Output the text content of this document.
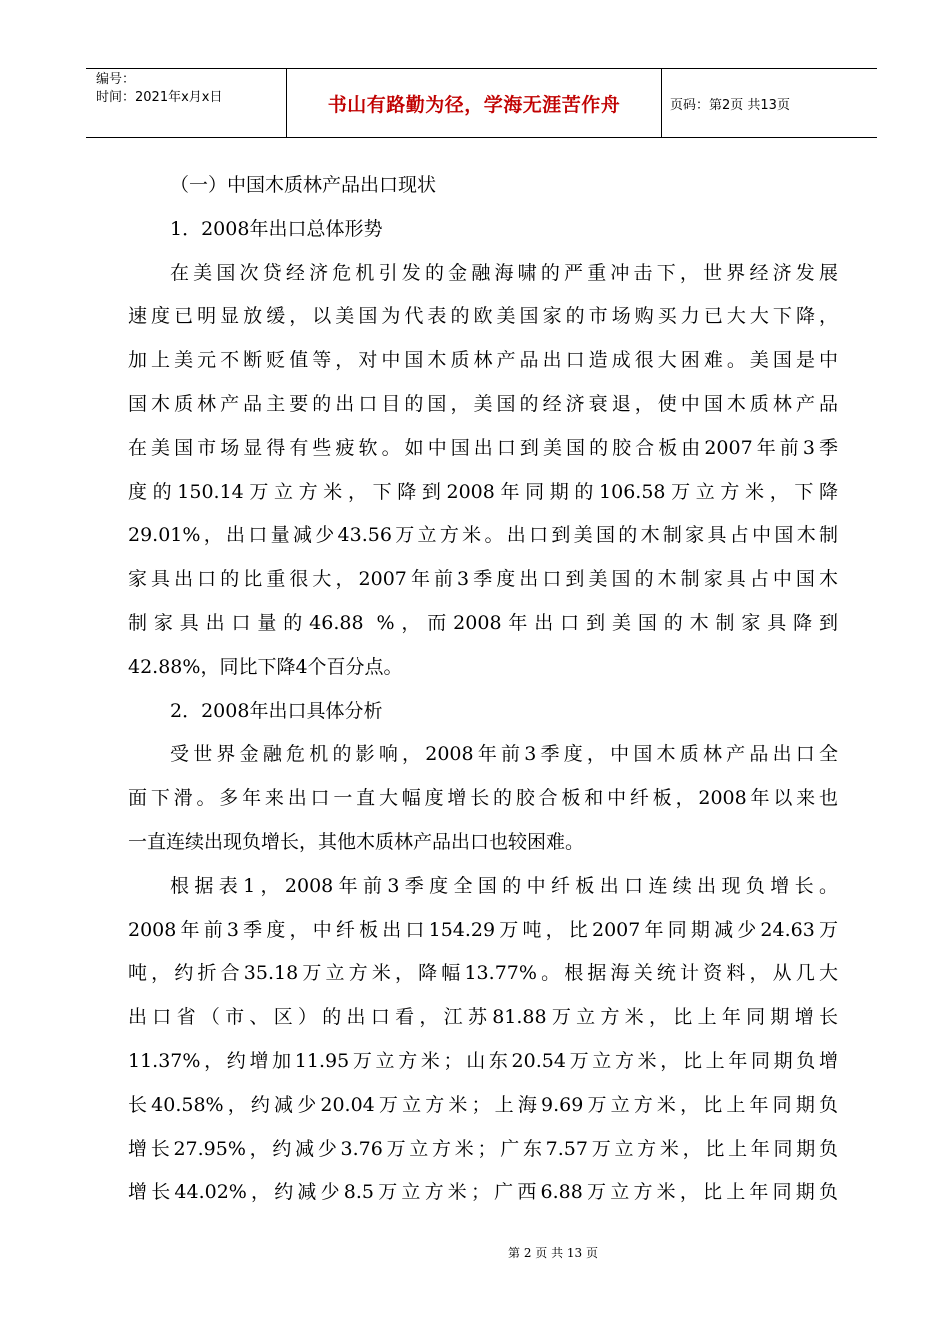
编号：
时间：2021年x月x日	书山有路勤为径，学海无涯苦作舟	页码：第2页 共13页
（一）中国木质林产品出口现状
1．2008年出口总体形势
在美国次贷经济危机引发的金融海啸的严重冲击下，世界经济发展
速度已明显放缓，以美国为代表的欧美国家的市场购买力已大大下降，
加上美元不断贬值等，对中国木质林产品出口造成很大困难。美国是中
国木质林产品主要的出口目的国，美国的经济衰退，使中国木质林产品
在美国市场显得有些疲软。如中国出口到美国的胶合板由2007年前3季
度的150.14万立方米，下降到2008年同期的106.58万立方米，下降
29.01%，出口量减少43.56万立方米。出口到美国的木制家具占中国木制
家具出口的比重很大，2007年前3季度出口到美国的木制家具占中国木
制家具出口量的46.88 %，而2008年出口到美国的木制家具降到
42.88%，同比下降4个百分点。
2．2008年出口具体分析
受世界金融危机的影响，2008年前3季度，中国木质林产品出口全
面下滑。多年来出口一直大幅度增长的胶合板和中纤板，2008年以来也
一直连续出现负增长，其他木质林产品出口也较困难。
根据表1，2008年前3季度全国的中纤板出口连续出现负增长。
2008年前3季度，中纤板出口154.29万吨，比2007年同期减少24.63万
吨，约折合35.18万立方米，降幅13.77%。根据海关统计资料，从几大
出口省（市、区）的出口看，江苏81.88万立方米，比上年同期增长
11.37%，约增加11.95万立方米；山东20.54万立方米，比上年同期负增
长40.58%，约减少20.04万立方米；上海9.69万立方米，比上年同期负
增长27.95%，约减少3.76万立方米；广东7.57万立方米，比上年同期负
增长44.02%，约减少8.5万立方米；广西6.88万立方米，比上年同期负
第 2 页 共 13 页
